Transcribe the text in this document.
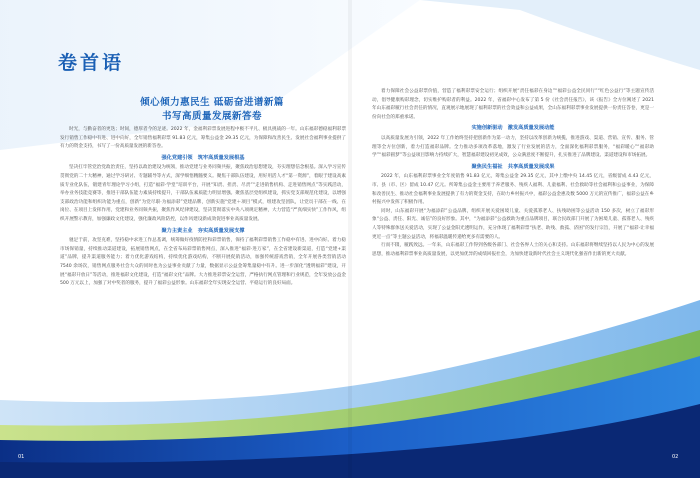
卷首语
倾心倾力惠民生 砥砺奋进谱新篇
书写高质量发展新答卷

时光，与勤奋者的更迭；时间，德厚者今的足迹。2022 年，金福利彩票发展进程中极不平凡、极具挑战的一年。山东福彩德稳福利彩票发行销售工作稳中有进、进中向好，全年销售福利彩票 91.83 亿元，筹集公益金 29.35 亿元，为保障和改善民生、发展社会福利事业提供了有力的资金支持，书写了一份高质量发展的新答卷。

强化党建引领　筑牢高质量发展根基

坚决扛牢管党治党政治责任，坚持以政治建设为统领，推动党建与业务同频共振，聚焦政治思想建设，夯实理想信念根基。深入学习宣传贯彻党的二十大精神，通过学习研讨、专题辅导等方式，深学细悟精髓要义。聚焦干部队伍建设，用好用活人才“第一资源”，着眼于建设高素质专业化队伍，锻建青年理论学习小组，打造“福彩·学堂”培训平台，开展“知责、担责、尽责”“走进销售机构、走进销售网点”等实践活动，举办业务技能竞赛等，推进干部队伍能力素质持续提升，干部队伍素质能力明显增强。聚焦基层党组织建设，抓实党支部规范化建设，以增强支部政治功能和组织功能为重点，创新“为党尽职·为福添彩”党建品牌，创新实施“党建＋项目”模式，组建攻坚团队，让党员干部在一线、在岗位、在项目上发挥作用，党建和业务同频共振，聚焦作风纪律建设，坚决贯彻落实中央八项规定精神，大力营造“严真细实快”工作作风，组织开展警示教育，加强廉政文化建设，强化廉政风险防控，以作风建设新成效促进事业高质量发展。

聚力主责主业　夯实高质量发展支撑

驰足于前，攻坚克难，坚持稳中求进工作总基调，统筹做好疫情防控和彩票销售，保持了福利彩票销售工作稳中有进、进中向好。着力稳市场保销量，持续推动渠道建设，拓展销售网点，在全省布局彩票销售网点，深入推进“福彩·进万家”，在全省建设新渠道，打造“党建+渠道”品牌，提升渠道服务能力；着力优化游戏结构，持续优化游戏结构，不断开展促销活动，加强传统游戏营销，全年开展各类营销活动 7540 余场次，销售网点服务社会大众的同时也为公益事业贡献了力量，数据显示公益金筹集量稳中有升。进一步深化“透明福彩”建设，开展“福彩开放日”等活动，推进福彩文化建设，打造“福彩文化”品牌。大力推进彩票安全运营，严格执行网点管理和行业规范，全年发放公益金 500 万元以上，加强了对中奖者的服务，提升了福彩公益形象。山东福彩全年实现安全运营、平稳运行的良好局面。

着力保障社会公益彩票价值，营造了福利彩票安全运行；组织开展“责任福彩在身边”“福彩公益全民同行”“红色公益行”等主题宣传活动，倡导健康购彩理念，切实维护购彩者的利益。2022 年，省福彩中心发布了第 5 份《社会责任报告》，该《报告》全方位阐述了 2021 年山东福彩履行社会责任的情况，直观展示地展现了福利彩票的社会效益和公益成果，全山东福利彩票事业发展提供一份责任答卷，更是一份向社会的郑重承诺。

实施创新驱动　激发高质量发展动能

以高质量发展为引领，2022 年工作始终坚持把创新作为第一动力，坚持以改革创新为统揽，推进游戏、渠道、营销、宣传、服务、管理等全方位创新，着力打造福彩品牌。全力推动多项改革落地，激发了行业发展的活力，全面深化福利彩票服务，“福彩暖心”“福彩助学”“福彩圆梦”等公益项目影响力持续扩大，智慧福彩建设初见成效，公众满意度不断提升，扎实推进了品牌建设、渠道建设和市场拓展。

聚焦民生福祉　共享高质量发展成果

2022 年，山东福利彩票事业全年度销售 91.83 亿元，筹集公益金 29.35 亿元，其中上缴中央 14.45 亿元，省级留成 4.43 亿元，市、县（市、区）留成 10.47 亿元。所筹集公益金主要用于养老服务、残疾人福利、儿童福利、社会救助等社会福利和公益事业，为保障和改善民生、推动社会福利事业发展提供了有力的资金支持，在助力乡村振兴中，福彩公益金惠及数 5000 万元的宣传推广，福彩公益在乡村振兴中发挥了积极作用。

同时，山东福彩开展“为福添彩”公益品牌，组织开展关爱困境儿童、关爱孤寡老人、扶残助困等公益活动 150 多次，树立了福彩形象“公益、责任、阳光、诚信”的良好形象。其中，“为福添彩”公益救助为重点品牌项目，联合民政部门开展了为困境儿童、孤寡老人、残疾人等特殊群体送关爱活动，实现了公益金阳光透明运作，充分体现了福利彩票“扶老、助残、救孤、济困”的发行宗旨，开展了“福彩·让幸福更近一点”等主题公益活动，将福彩温暖传递给更多有需要的人。

行而不辍，履践致远。一年来，山东福彩工作得到各级各部门、社会各界人士的关心和支持。山东福彩将继续坚持以人民为中心的发展思想，推动福利彩票事业高质量发展，以更加优异的成绩回报社会，为加快建设新时代社会主义现代化强省作出新的更大贡献。

01	02
